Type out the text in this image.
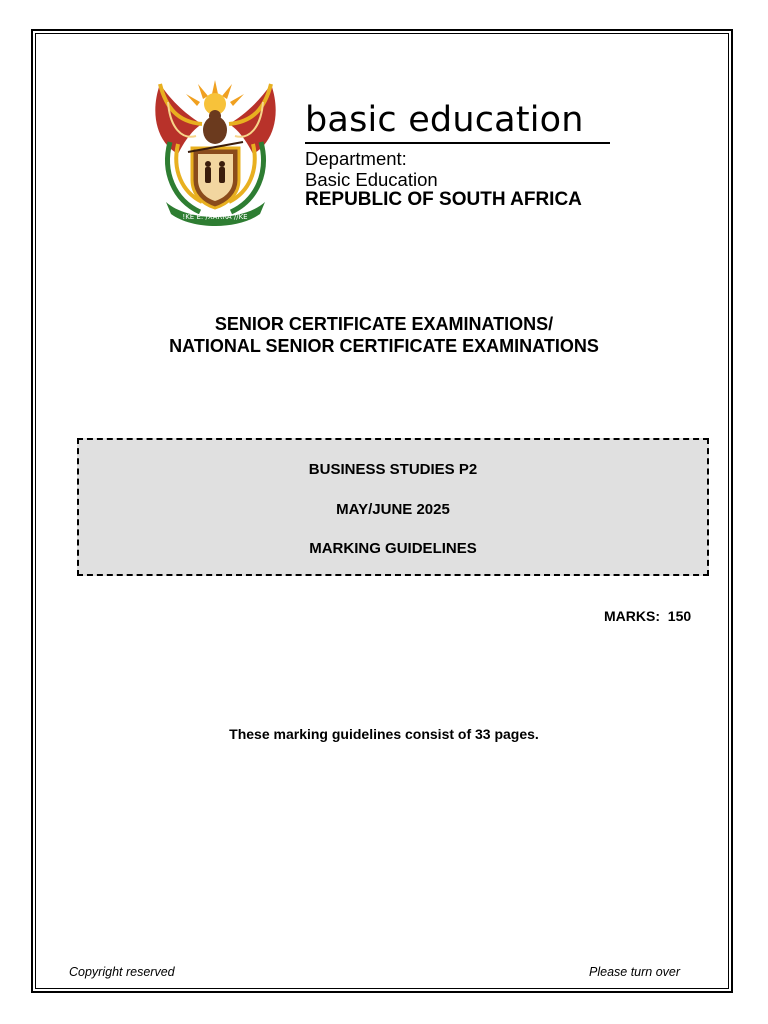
!KE E: /XARRA //KE
basic education
Department:
Basic Education
REPUBLIC OF SOUTH AFRICA
SENIOR CERTIFICATE EXAMINATIONS/
NATIONAL SENIOR CERTIFICATE EXAMINATIONS
BUSINESS STUDIES P2
MAY/JUNE 2025
MARKING GUIDELINES
MARKS: 150
These marking guidelines consist of 33 pages.
Copyright reserved	Please turn over
